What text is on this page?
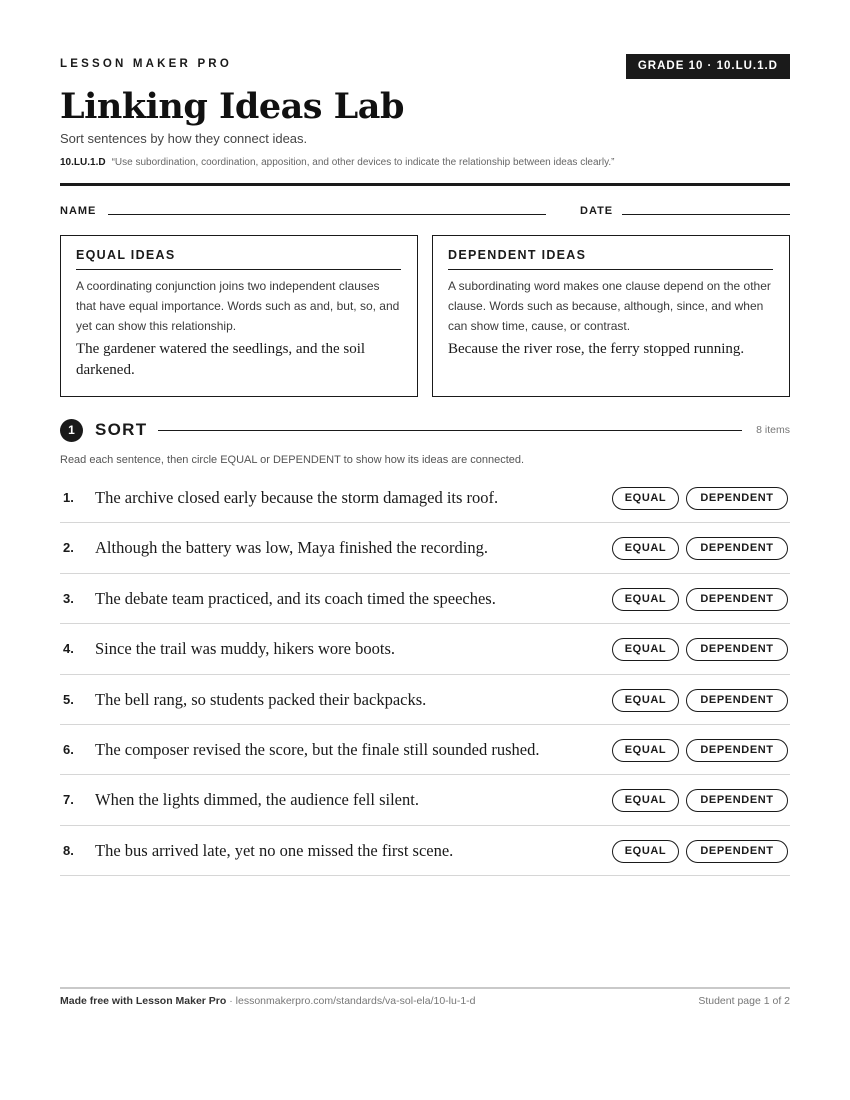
LESSON MAKER PRO	GRADE 10 · 10.LU.1.D
Linking Ideas Lab
Sort sentences by how they connect ideas.
10.LU.1.D “Use subordination, coordination, apposition, and other devices to indicate the relationship between ideas clearly.”
NAME	DATE
EQUAL IDEAS

A coordinating conjunction joins two independent clauses that have equal importance. Words such as and, but, so, and yet can show this relationship.

The gardener watered the seedlings, and the soil darkened.

DEPENDENT IDEAS

A subordinating word makes one clause depend on the other clause. Words such as because, although, since, and when can show time, cause, or contrast.

Because the river rose, the ferry stopped running.

1	SORT	8 items
Read each sentence, then circle EQUAL or DEPENDENT to show how its ideas are connected.
1. The archive closed early because the storm damaged its roof.	EQUAL	DEPENDENT
2. Although the battery was low, Maya finished the recording.	EQUAL	DEPENDENT
3. The debate team practiced, and its coach timed the speeches.	EQUAL	DEPENDENT
4. Since the trail was muddy, hikers wore boots.	EQUAL	DEPENDENT
5. The bell rang, so students packed their backpacks.	EQUAL	DEPENDENT
6. The composer revised the score, but the finale still sounded rushed.	EQUAL	DEPENDENT
7. When the lights dimmed, the audience fell silent.	EQUAL	DEPENDENT
8. The bus arrived late, yet no one missed the first scene.	EQUAL	DEPENDENT
Made free with Lesson Maker Pro · lessonmakerpro.com/standards/va-sol-ela/10-lu-1-d	Student page 1 of 2
